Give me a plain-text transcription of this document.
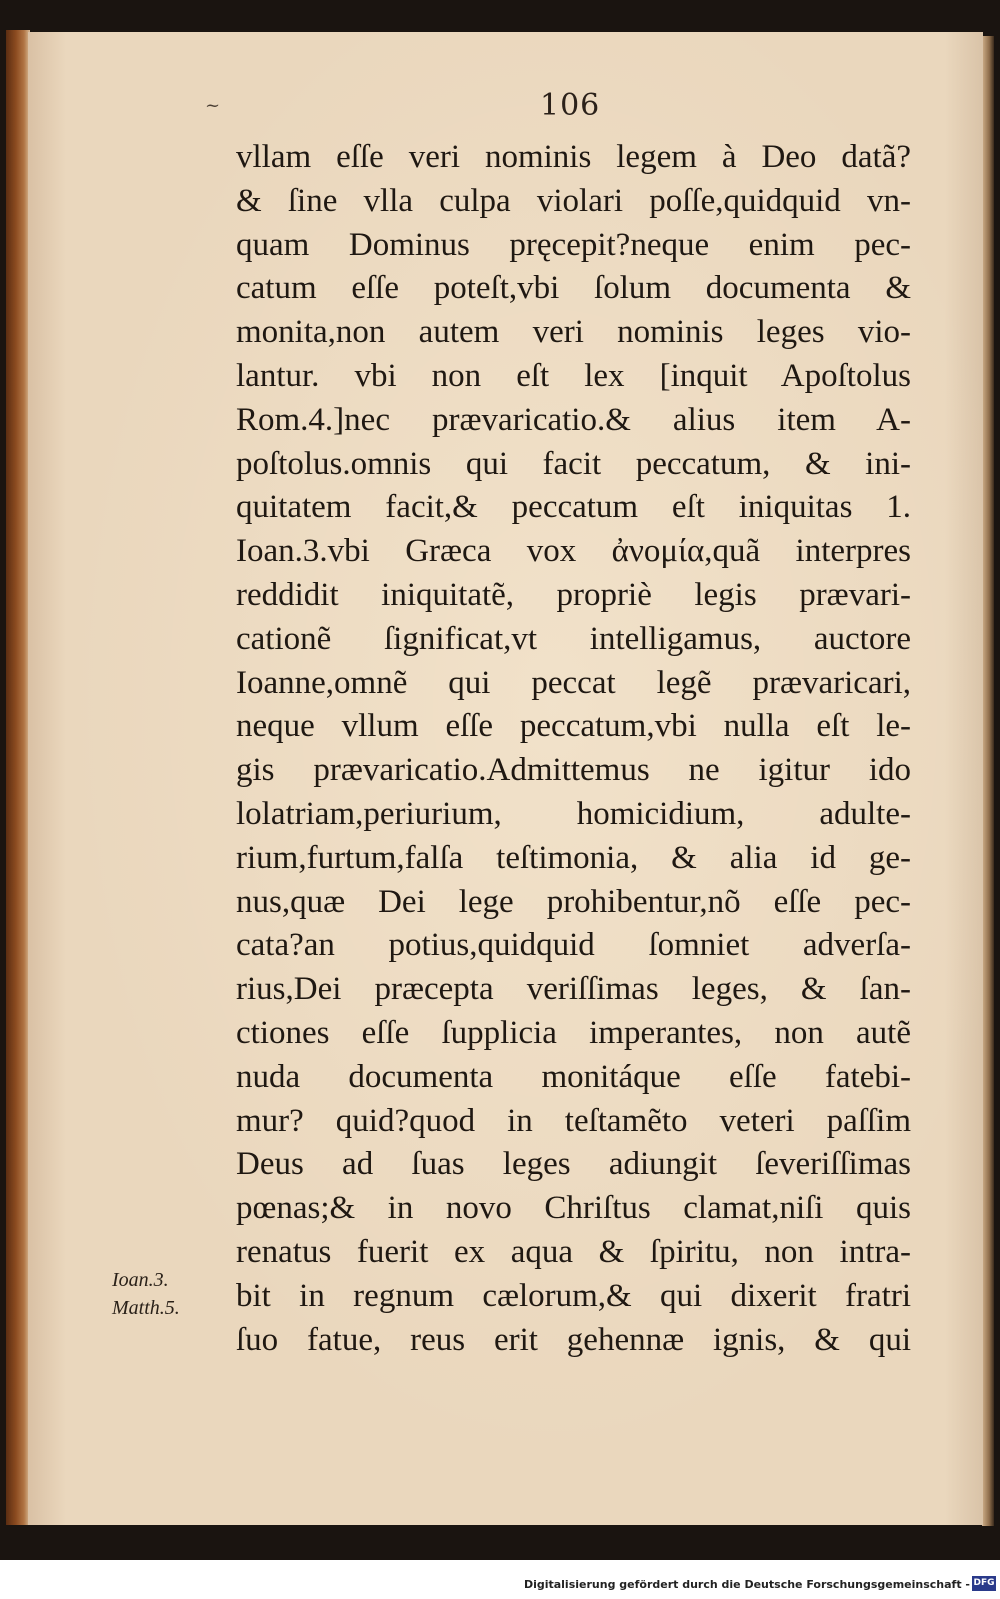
~	106
vllam eſſe veri nominis legem à Deo datã?
& ſine vlla culpa violari poſſe,quidquid vn-
quam Dominus pręcepit?neque enim pec-
catum eſſe poteſt,vbi ſolum documenta &
monita,non autem veri nominis leges vio-
lantur. vbi non eſt lex [inquit Apoſtolus
Rom.4.]nec prævaricatio.& alius item A-
poſtolus.omnis qui facit peccatum, & ini-
quitatem facit,& peccatum eſt iniquitas 1.
Ioan.3.vbi Græca vox ἀνομία,quã interpres
reddidit iniquitatẽ, propriè legis prævari-
cationẽ ſignificat,vt intelligamus, auctore
Ioanne,omnẽ qui peccat legẽ prævaricari,
neque vllum eſſe peccatum,vbi nulla eſt le-
gis prævaricatio.Admittemus ne igitur ido
lolatriam,periurium, homicidium, adulte-
rium,furtum,falſa teſtimonia, & alia id ge-
nus,quæ Dei lege prohibentur,nõ eſſe pec-
cata?an potius,quidquid ſomniet adverſa-
rius,Dei præcepta veriſſimas leges, & ſan-
ctiones eſſe ſupplicia imperantes, non autẽ
nuda documenta monitáque eſſe fatebi-
mur? quid?quod in teſtamẽto veteri paſſim
Deus ad ſuas leges adiungit ſeveriſſimas
pœnas;& in novo Chriſtus clamat,niſi quis
renatus fuerit ex aqua & ſpiritu, non intra-
bit in regnum cælorum,& qui dixerit fratri
ſuo fatue, reus erit gehennæ ignis, & qui
Ioan.3.
Matth.5.
Digitalisierung gefördert durch die Deutsche Forschungsgemeinschaft - DFG
